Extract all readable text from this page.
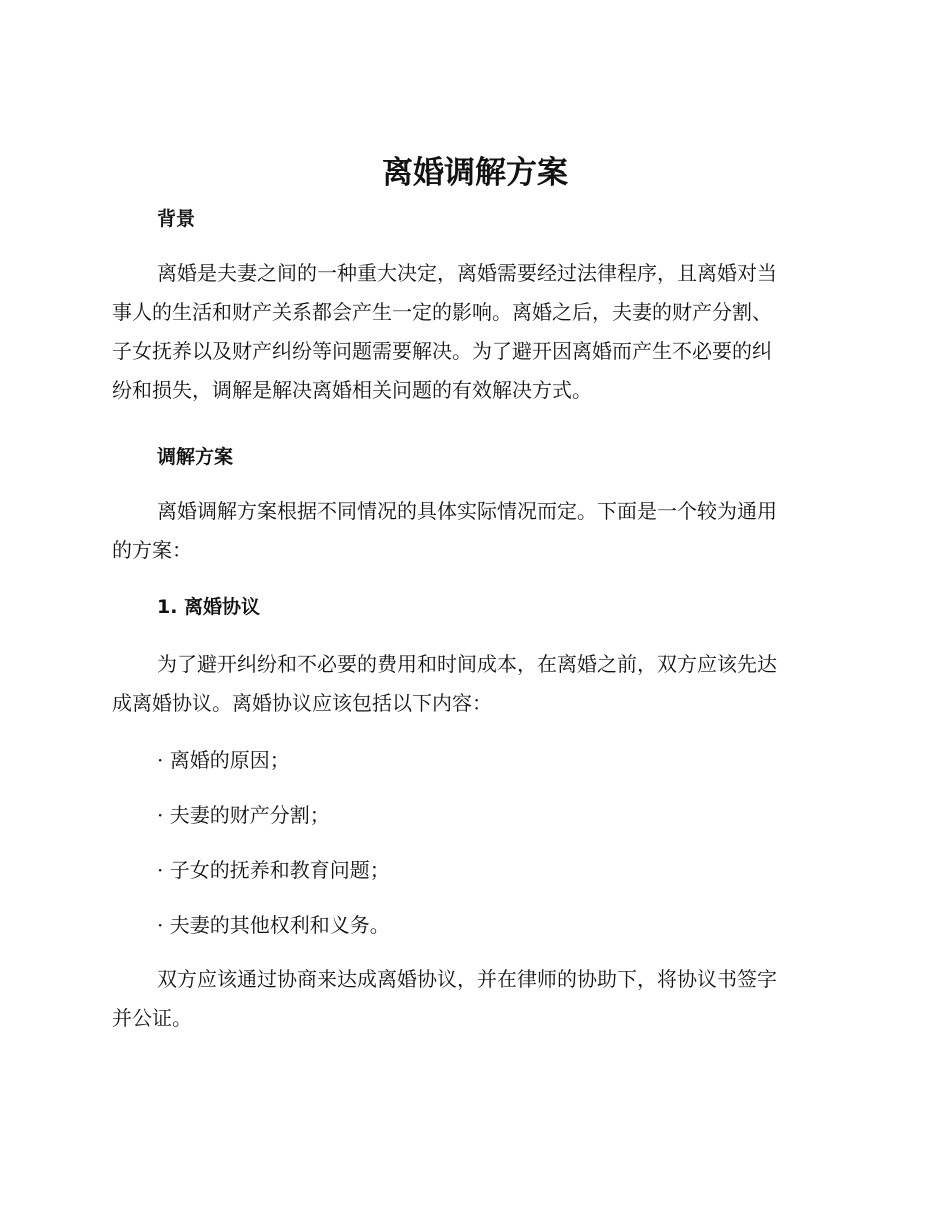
离婚调解方案
背景
离婚是夫妻之间的一种重大决定，离婚需要经过法律程序，且离婚对当
事人的生活和财产关系都会产生一定的影响。离婚之后，夫妻的财产分割、
子女抚养以及财产纠纷等问题需要解决。为了避开因离婚而产生不必要的纠
纷和损失，调解是解决离婚相关问题的有效解决方式。
调解方案
离婚调解方案根据不同情况的具体实际情况而定。下面是一个较为通用
的方案：
1. 离婚协议
为了避开纠纷和不必要的费用和时间成本，在离婚之前，双方应该先达
成离婚协议。离婚协议应该包括以下内容：

· 离婚的原因；

· 夫妻的财产分割；

· 子女的抚养和教育问题；

· 夫妻的其他权利和义务。

双方应该通过协商来达成离婚协议，并在律师的协助下，将协议书签字
并公证。
